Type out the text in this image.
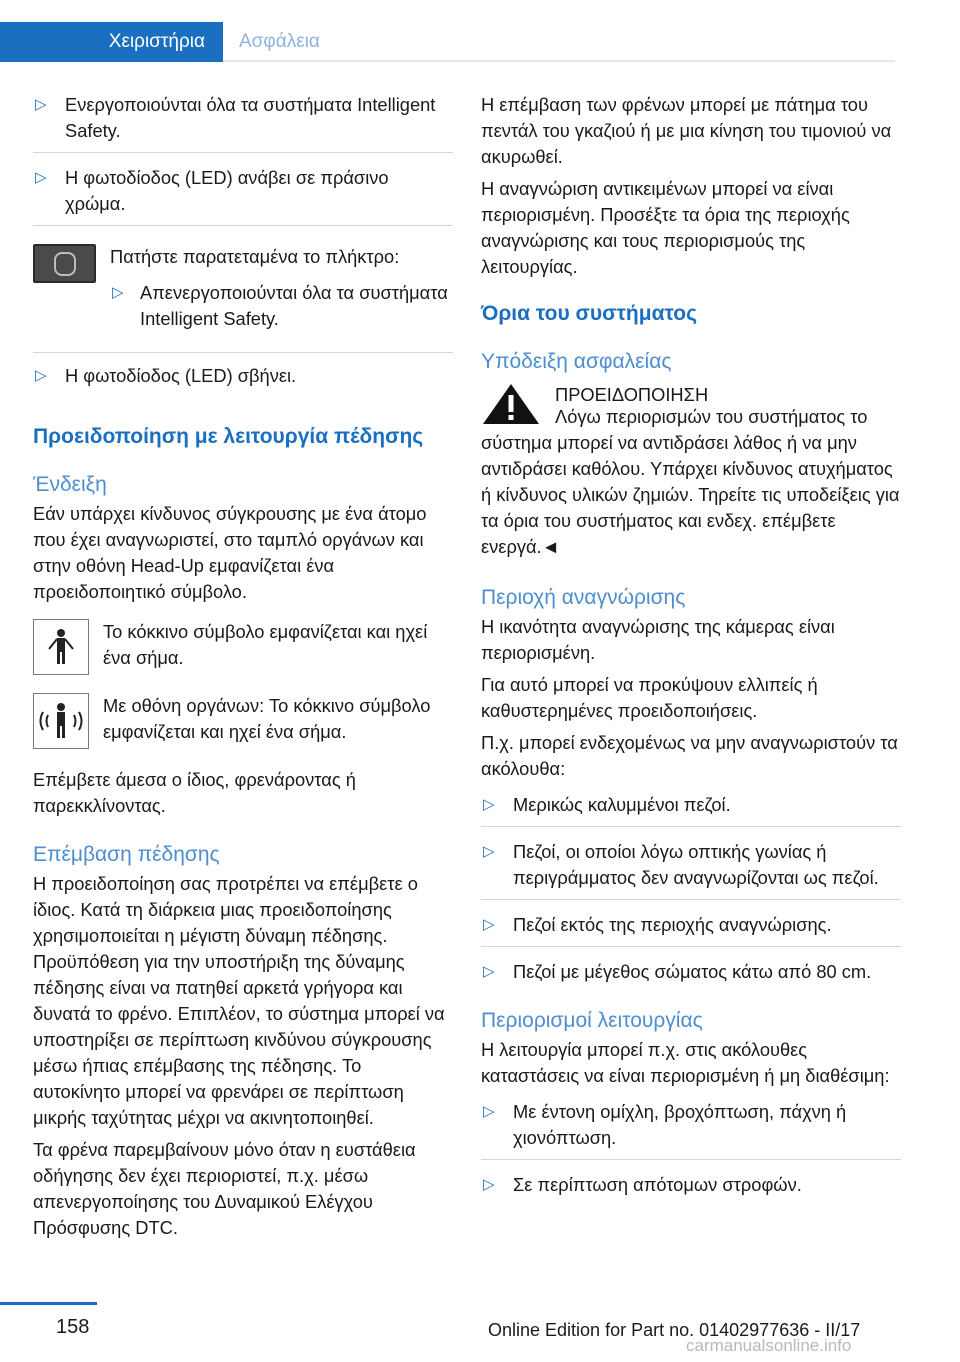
Χειριστήρια Ασφάλεια
▷ Ενεργοποιούνται όλα τα συστήματα Intelligent Safety.
▷ Η φωτοδίοδος (LED) ανάβει σε πράσινο χρώμα.

Πατήστε παρατεταμένα το πλήκτρο:

▷ Απενεργοποιούνται όλα τα συστήματα Intelligent Safety.
▷ Η φωτοδίοδος (LED) σβήνει.
Προειδοποίηση με λειτουργία πέδησης
Ένδειξη

Εάν υπάρχει κίνδυνος σύγκρουσης με ένα άτομο που έχει αναγνωριστεί, στο ταμπλό οργάνων και στην οθόνη Head-Up εμφανίζεται ένα προειδοποιητικό σύμβολο.

Το κόκκινο σύμβολο εμφανίζεται και ηχεί ένα σήμα.
Με οθόνη οργάνων: Το κόκκινο σύμβολο εμφανίζεται και ηχεί ένα σήμα.

Επέμβετε άμεσα ο ίδιος, φρενάροντας ή παρεκκλίνοντας.

Επέμβαση πέδησης

Η προειδοποίηση σας προτρέπει να επέμβετε ο ίδιος. Κατά τη διάρκεια μιας προειδοποίησης χρησιμοποιείται η μέγιστη δύναμη πέδησης. Προϋπόθεση για την υποστήριξη της δύναμης πέδησης είναι να πατηθεί αρκετά γρήγορα και δυνατά το φρένο. Επιπλέον, το σύστημα μπορεί να υποστηρίξει σε περίπτωση κινδύνου σύγκρουσης μέσω ήπιας επέμβασης της πέδησης. Το αυτοκίνητο μπορεί να φρενάρει σε περίπτωση μικρής ταχύτητας μέχρι να ακινητοποιηθεί.

Τα φρένα παρεμβαίνουν μόνο όταν η ευστάθεια οδήγησης δεν έχει περιοριστεί, π.χ. μέσω απενεργοποίησης του Δυναμικού Ελέγχου Πρόσφυσης DTC.

Η επέμβαση των φρένων μπορεί με πάτημα του πεντάλ του γκαζιού ή με μια κίνηση του τιμονιού να ακυρωθεί.

Η αναγνώριση αντικειμένων μπορεί να είναι περιορισμένη. Προσέξτε τα όρια της περιοχής αναγνώρισης και τους περιορισμούς της λειτουργίας.

Όρια του συστήματος
Υπόδειξη ασφαλείας

ΠΡΟΕΙΔΟΠΟΙΗΣΗ

Λόγω περιορισμών του συστήματος το σύστημα μπορεί να αντιδράσει λάθος ή να μην αντιδράσει καθόλου. Υπάρχει κίνδυνος ατυχήματος ή κίνδυνος υλικών ζημιών. Τηρείτε τις υποδείξεις για τα όρια του συστήματος και ενδεχ. επέμβετε ενεργά.◄

Περιοχή αναγνώρισης

Η ικανότητα αναγνώρισης της κάμερας είναι περιορισμένη.

Για αυτό μπορεί να προκύψουν ελλιπείς ή καθυστερημένες προειδοποιήσεις.

Π.χ. μπορεί ενδεχομένως να μην αναγνωριστούν τα ακόλουθα:

▷ Μερικώς καλυμμένοι πεζοί.
▷ Πεζοί, οι οποίοι λόγω οπτικής γωνίας ή περιγράμματος δεν αναγνωρίζονται ως πεζοί.
▷ Πεζοί εκτός της περιοχής αναγνώρισης.
▷ Πεζοί με μέγεθος σώματος κάτω από 80 cm.
Περιορισμοί λειτουργίας

Η λειτουργία μπορεί π.χ. στις ακόλουθες καταστάσεις να είναι περιορισμένη ή μη διαθέσιμη:

▷ Με έντονη ομίχλη, βροχόπτωση, πάχνη ή χιονόπτωση.
▷ Σε περίπτωση απότομων στροφών.
158	Online Edition for Part no. 01402977636 - II/17
carmanualsonline.info
